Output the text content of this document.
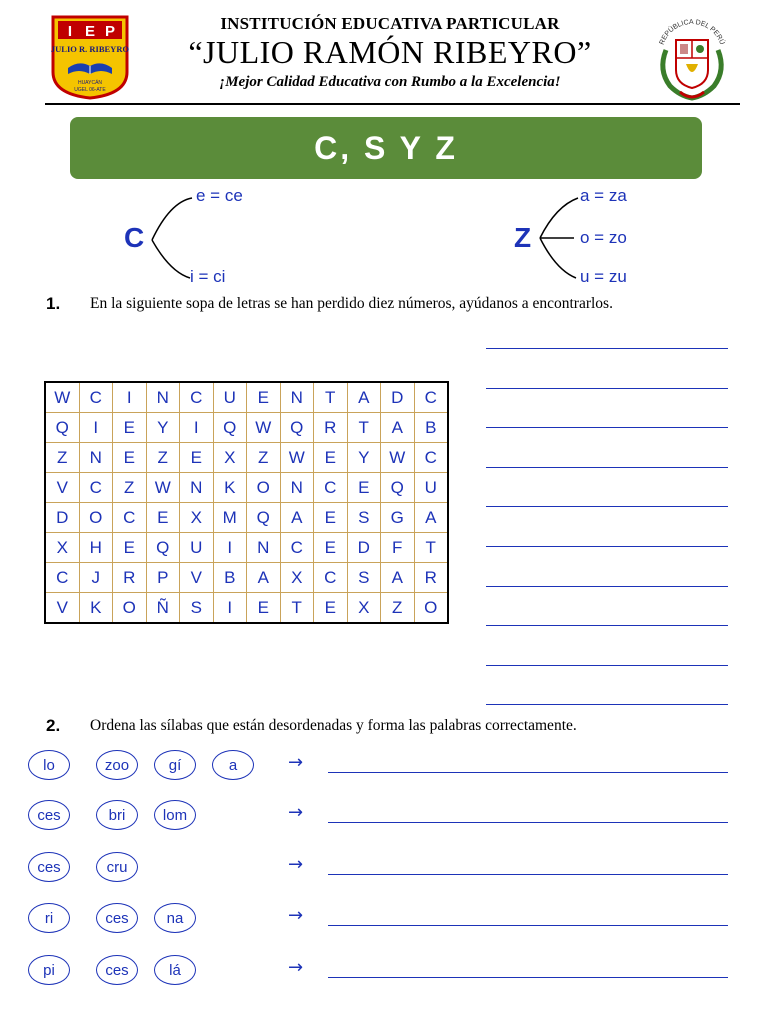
I E P
JULIO R. RIBEYRO
HUAYCÁN
UGEL 06-ATE
INSTITUCIÓN EDUCATIVA PARTICULAR
“JULIO RAMÓN RIBEYRO”
¡Mejor Calidad Educativa con Rumbo a la Excelencia!
REPÚBLICA DEL PERÚ
C, S Y Z
C
e = ce
i = ci
Z
a = za
o = zo
u = zu
1. En la siguiente sopa de letras se han perdido diez números, ayúdanos a encontrarlos.
W	C	I	N	C	U	E	N	T	A	D	C
Q	I	E	Y	I	Q	W	Q	R	T	A	B
Z	N	E	Z	E	X	Z	W	E	Y	W	C
V	C	Z	W	N	K	O	N	C	E	Q	U
D	O	C	E	X	M	Q	A	E	S	G	A
X	H	E	Q	U	I	N	C	E	D	F	T
C	J	R	P	V	B	A	X	C	S	A	R
V	K	O	Ñ	S	I	E	T	E	X	Z	O
2. Ordena las sílabas que están desordenadas y forma las palabras correctamente.
lo	zoo	gí	a	→
ces	bri	lom	→
ces	cru	→
ri	ces	na	→
pi	ces	lá	→
